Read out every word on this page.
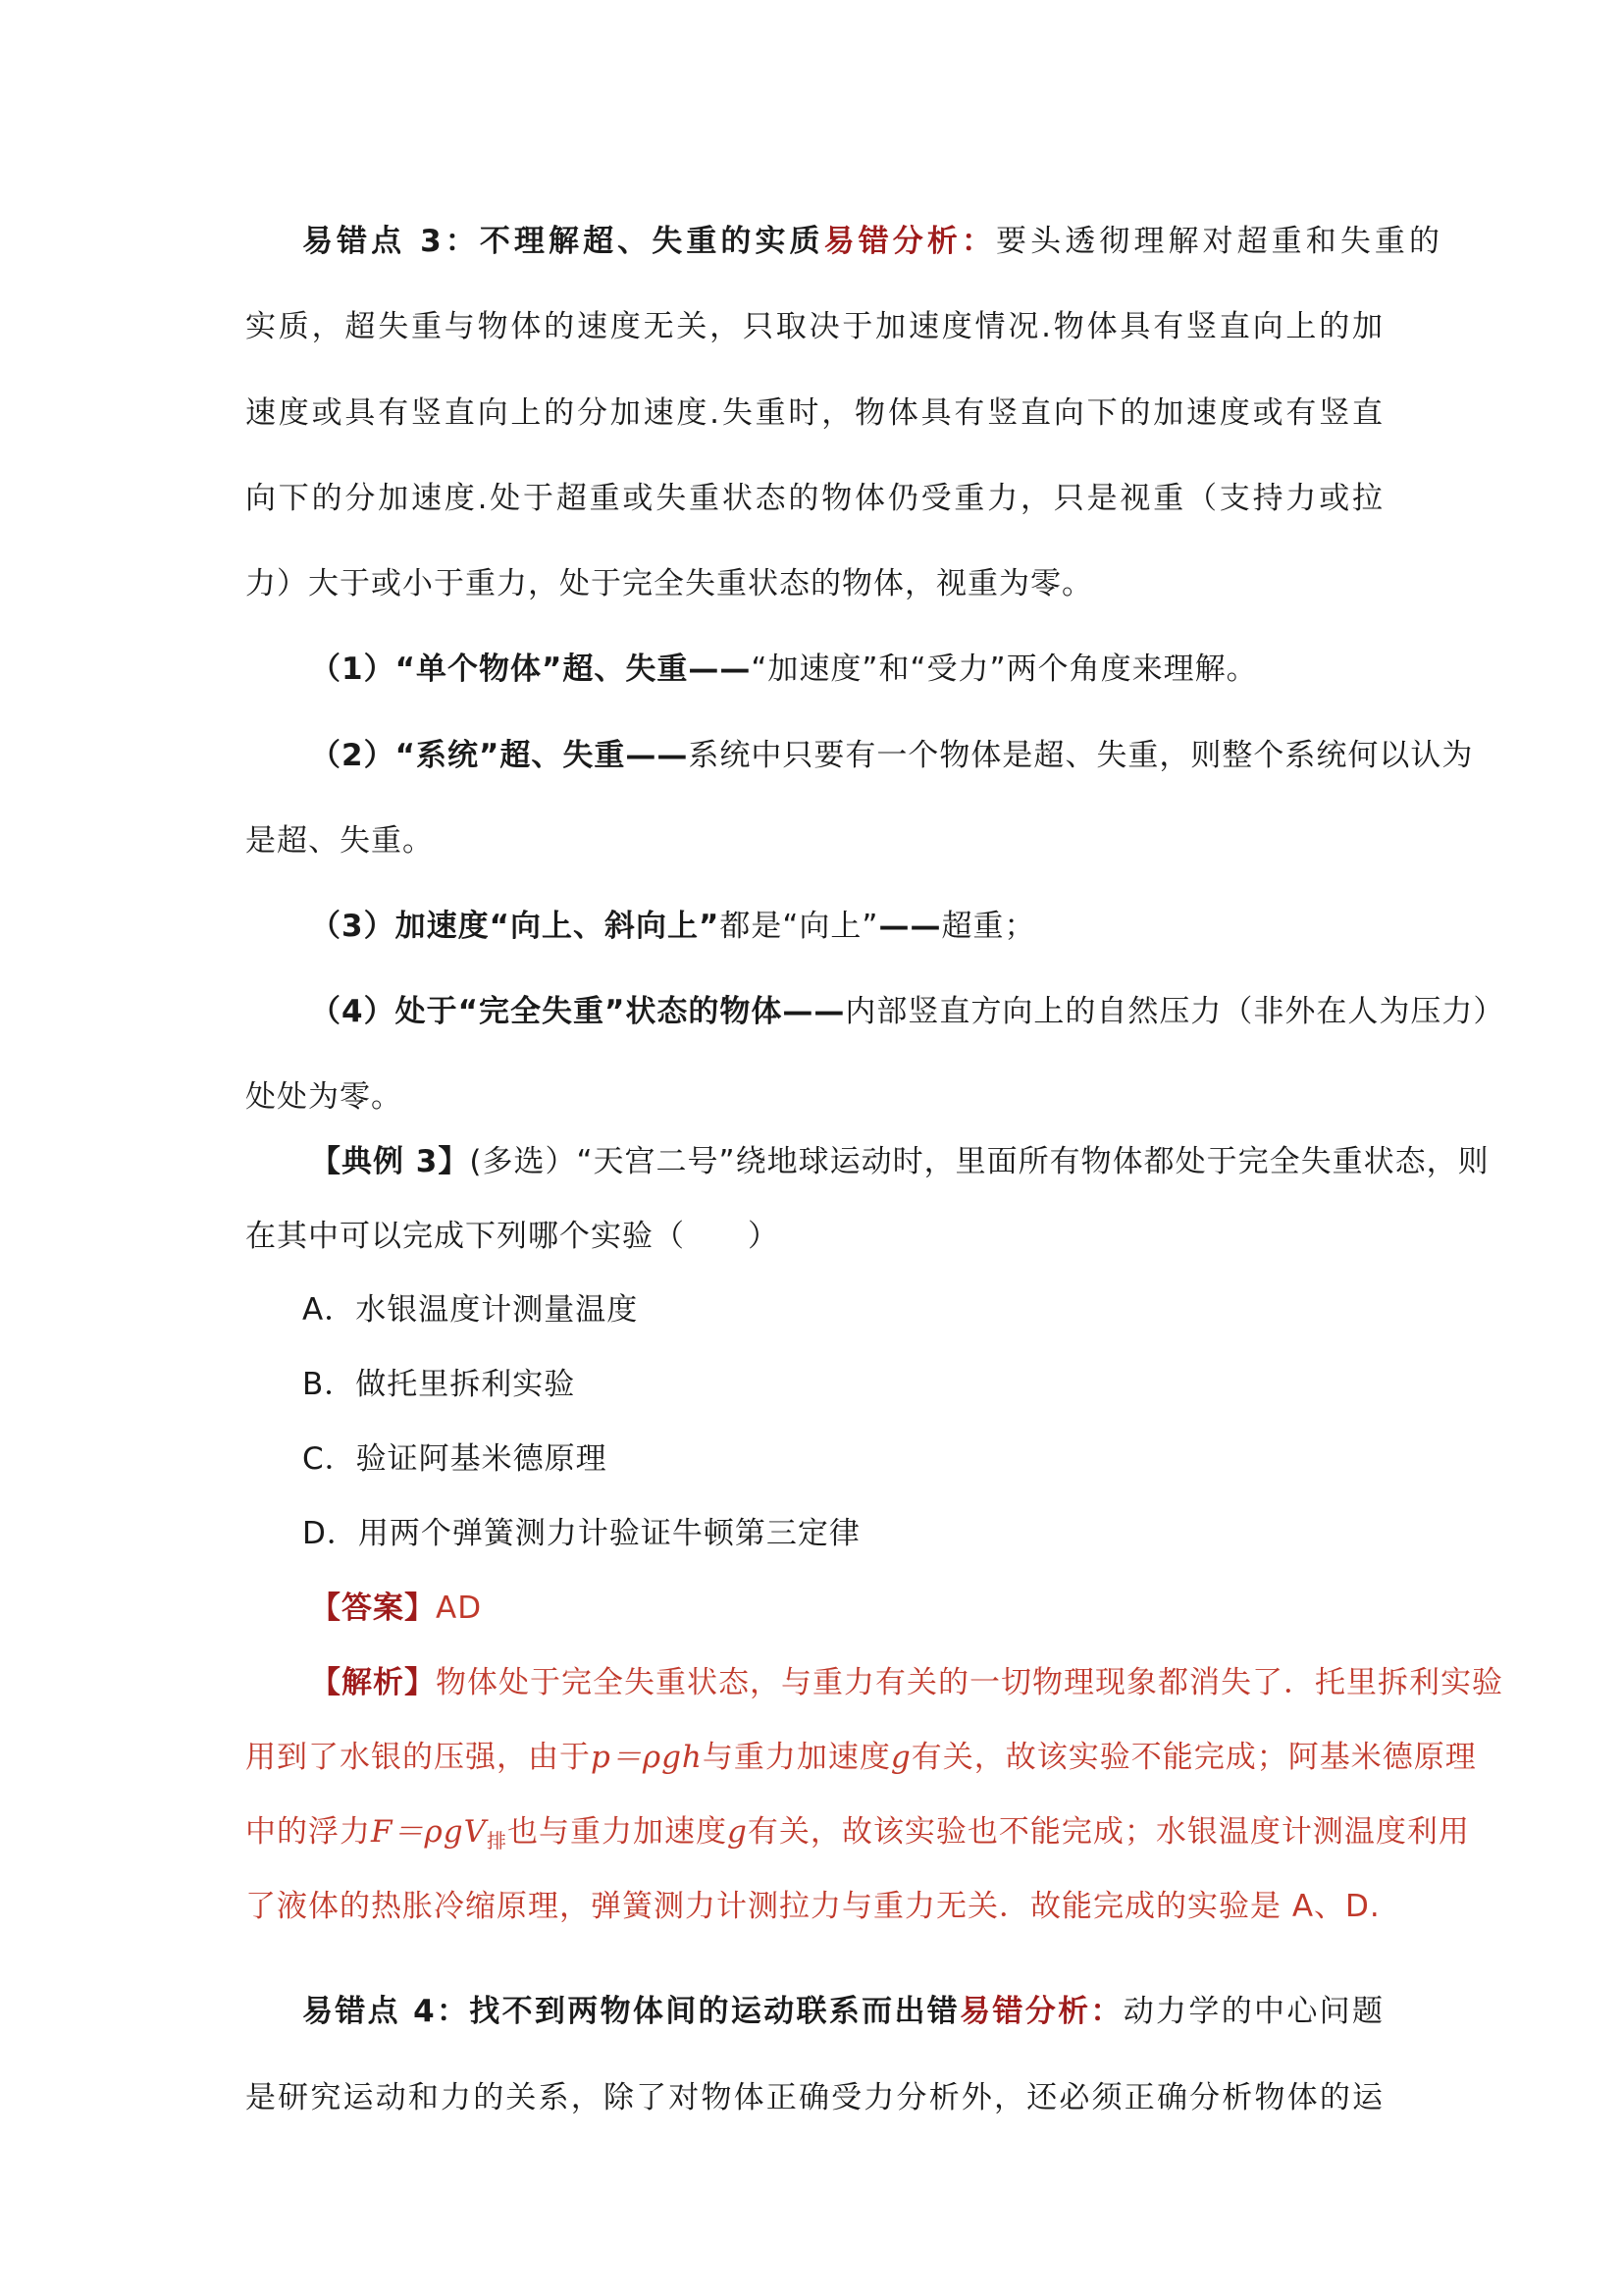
易错点 3：不理解超、失重的实质易错分析：要头透彻理解对超重和失重的
实质，超失重与物体的速度无关，只取决于加速度情况.物体具有竖直向上的加
速度或具有竖直向上的分加速度.失重时，物体具有竖直向下的加速度或有竖直
向下的分加速度.处于超重或失重状态的物体仍受重力，只是视重（支持力或拉
力）大于或小于重力，处于完全失重状态的物体，视重为零。
（1）“单个物体”超、失重——“加速度”和“受力”两个角度来理解。
（2）“系统”超、失重——系统中只要有一个物体是超、失重，则整个系统何以认为
是超、失重。
（3）加速度“向上、斜向上”都是“向上”——超重；
（4）处于“完全失重”状态的物体——内部竖直方向上的自然压力（非外在人为压力）
处处为零。
【典例 3】(多选）“天宫二号”绕地球运动时，里面所有物体都处于完全失重状态，则
在其中可以完成下列哪个实验（　　）
A．水银温度计测量温度
B．做托里拆利实验
C．验证阿基米德原理
D．用两个弹簧测力计验证牛顿第三定律
【答案】AD
【解析】物体处于完全失重状态，与重力有关的一切物理现象都消失了．托里拆利实验
用到了水银的压强，由于p＝ρgh与重力加速度g有关，故该实验不能完成；阿基米德原理
中的浮力F＝ρgV$_排$也与重力加速度g有关，故该实验也不能完成；水银温度计测温度利用
了液体的热胀冷缩原理，弹簧测力计测拉力与重力无关．故能完成的实验是 A、D.
易错点 4：找不到两物体间的运动联系而出错易错分析：动力学的中心问题
是研究运动和力的关系，除了对物体正确受力分析外，还必须正确分析物体的运
